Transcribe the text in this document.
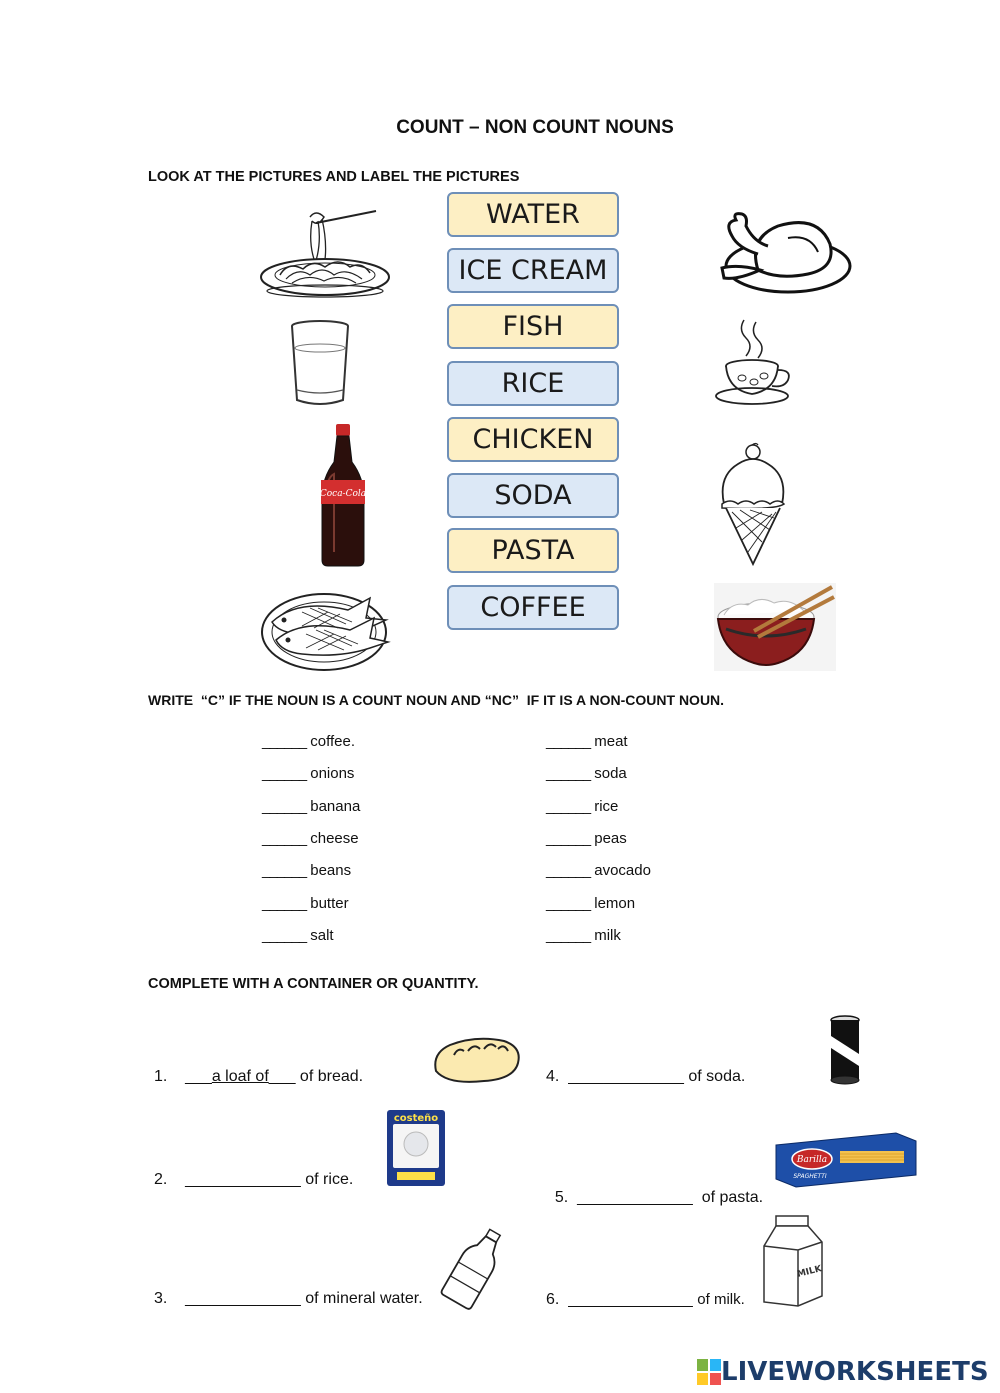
COUNT – NON COUNT NOUNS
LOOK AT THE PICTURES AND LABEL THE PICTURES
WATER
ICE CREAM
FISH
RICE
CHICKEN
SODA
PASTA
COFFEE
Coca-Cola
WRITE  “C” IF THE NOUN IS A COUNT NOUN AND “NC”  IF IT IS A NON-COUNT NOUN.
______ coffee.
______ onions
______ banana
______ cheese
______ beans
______ butter
______ salt
______ meat
______ soda
______ rice
______ peas
______ avocado
______ lemon
______ milk
COMPLETE WITH A CONTAINER OR QUANTITY.
1. ___a loaf of___ of bread.
2. _____________ of rice.
3. _____________ of mineral water.
4. _____________ of soda.

5. _____________  of pasta.

6. ______________ of milk.
costeño
Barilla
SPAGHETTI
MILK
LIVEWORKSHEETS
